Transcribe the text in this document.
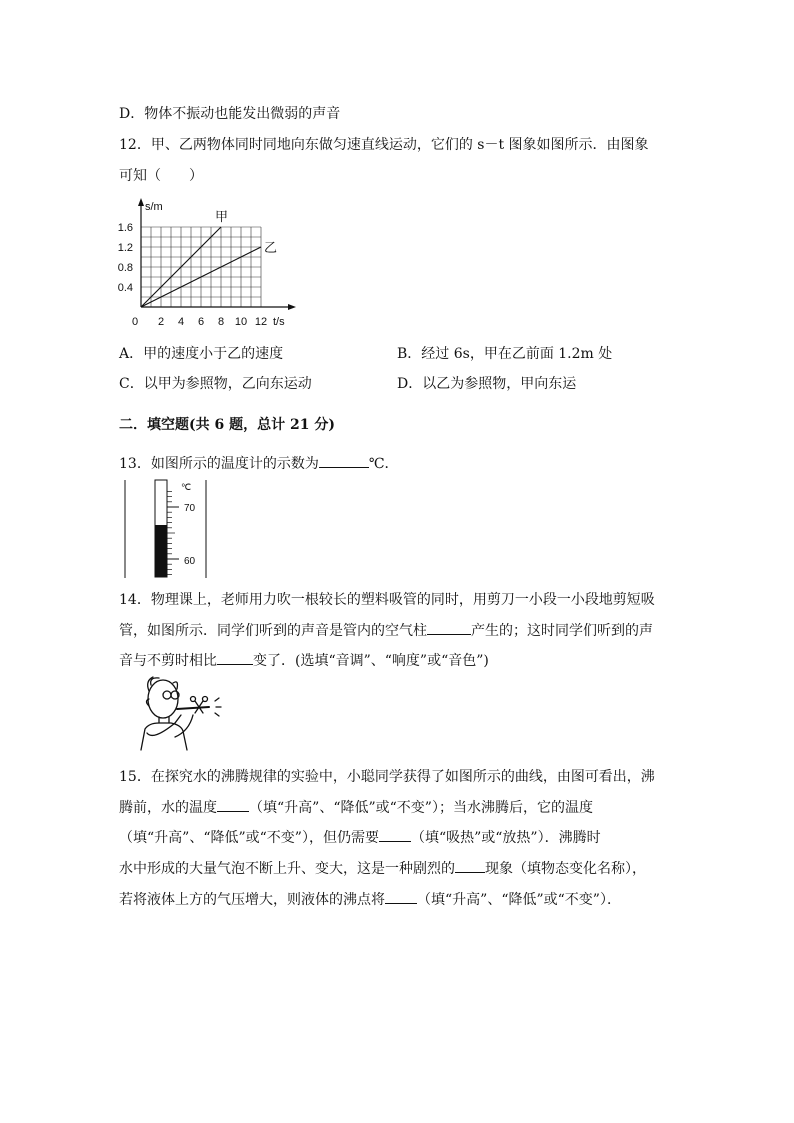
D．物体不振动也能发出微弱的声音
12．甲、乙两物体同时同地向东做匀速直线运动，它们的 s－t 图象如图所示．由图象
可知（　　）
s/m
t/s
甲
乙
1.6
1.2
0.8
0.4
0 2 4 6 8 10 12
A．甲的速度小于乙的速度	B．经过 6s，甲在乙前面 1.2m 处
C．以甲为参照物，乙向东运动	D．以乙为参照物，甲向东运
二．填空题(共 6 题，总计 21 分)
13．如图所示的温度计的示数为	℃．
℃
70
60
14．物理课上，老师用力吹一根较长的塑料吸管的同时，用剪刀一小段一小段地剪短吸
管，如图所示．同学们听到的声音是管内的空气柱	产生的；这时同学们听到的声
音与不剪时相比	变了．(选填“音调”、“响度”或“音色”)
15．在探究水的沸腾规律的实验中，小聪同学获得了如图所示的曲线，由图可看出，沸
腾前，水的温度 （填“升高”、“降低”或“不变”）；当水沸腾后，它的温度
（填“升高”、“降低”或“不变”），但仍需要 （填“吸热”或“放热”）．沸腾时
水中形成的大量气泡不断上升、变大，这是一种剧烈的 现象（填物态变化名称），
若将液体上方的气压增大，则液体的沸点将 （填“升高”、“降低”或“不变”）．
